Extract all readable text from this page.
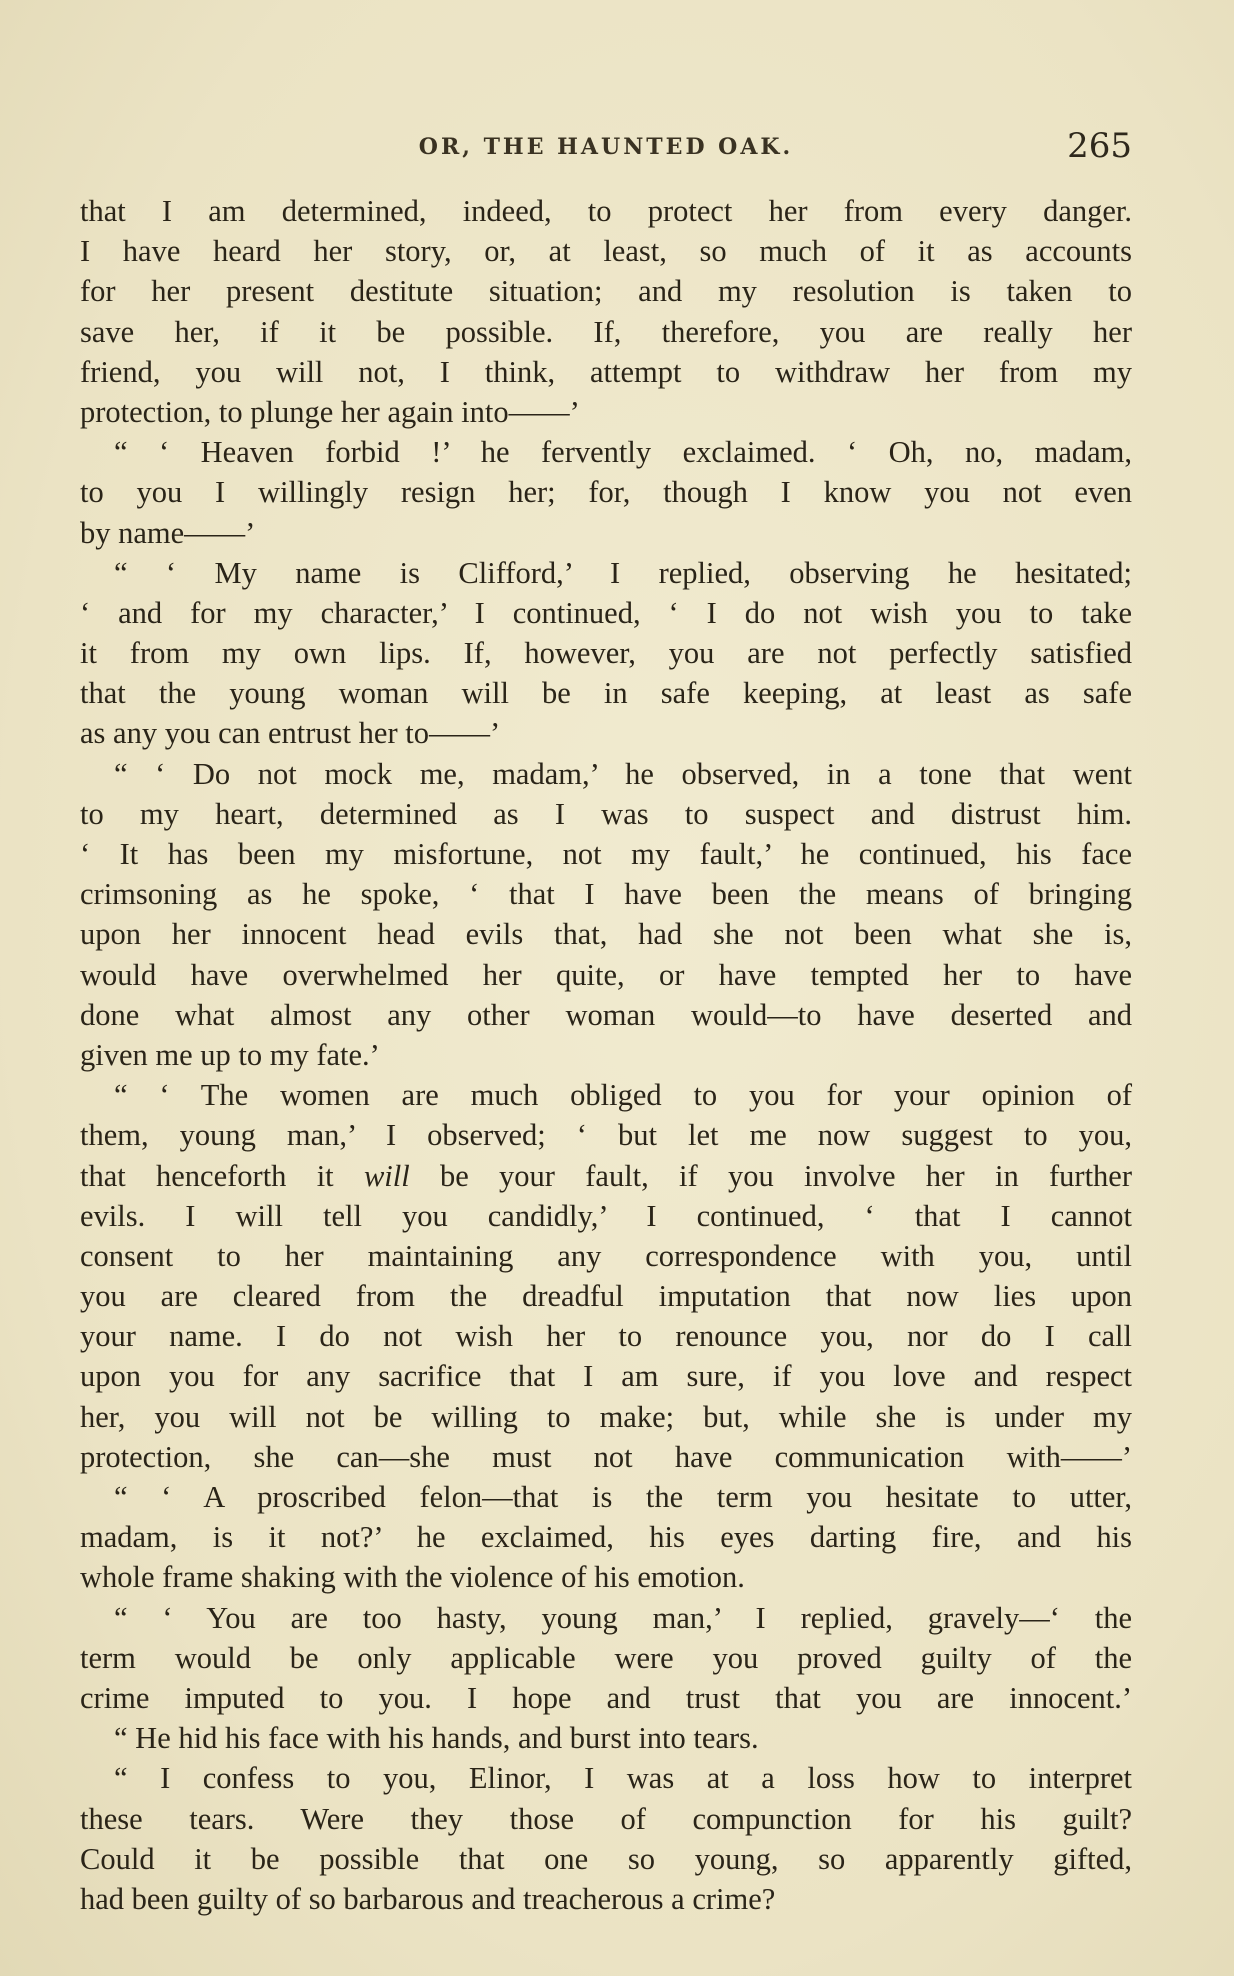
OR, THE HAUNTED OAK.	265
that I am determined, indeed, to protect her from every danger.
I have heard her story, or, at least, so much of it as accounts
for her present destitute situation; and my resolution is taken to
save her, if it be possible. If, therefore, you are really her
friend, you will not, I think, attempt to withdraw her from my
protection, to plunge her again into——’
“ ‘ Heaven forbid !’ he fervently exclaimed. ‘ Oh, no, madam,
to you I willingly resign her; for, though I know you not even
by name——’
“ ‘ My name is Clifford,’ I replied, observing he hesitated;
‘ and for my character,’ I continued, ‘ I do not wish you to take
it from my own lips. If, however, you are not perfectly satisfied
that the young woman will be in safe keeping, at least as safe
as any you can entrust her to——’
“ ‘ Do not mock me, madam,’ he observed, in a tone that went
to my heart, determined as I was to suspect and distrust him.
‘ It has been my misfortune, not my fault,’ he continued, his face
crimsoning as he spoke, ‘ that I have been the means of bringing
upon her innocent head evils that, had she not been what she is,
would have overwhelmed her quite, or have tempted her to have
done what almost any other woman would—to have deserted and
given me up to my fate.’
“ ‘ The women are much obliged to you for your opinion of
them, young man,’ I observed; ‘ but let me now suggest to you,
that henceforth it will be your fault, if you involve her in further
evils. I will tell you candidly,’ I continued, ‘ that I cannot
consent to her maintaining any correspondence with you, until
you are cleared from the dreadful imputation that now lies upon
your name. I do not wish her to renounce you, nor do I call
upon you for any sacrifice that I am sure, if you love and respect
her, you will not be willing to make; but, while she is under my
protection, she can—she must not have communication with——’
“ ‘ A proscribed felon—that is the term you hesitate to utter,
madam, is it not?’ he exclaimed, his eyes darting fire, and his
whole frame shaking with the violence of his emotion.
“ ‘ You are too hasty, young man,’ I replied, gravely—‘ the
term would be only applicable were you proved guilty of the
crime imputed to you. I hope and trust that you are innocent.’
“ He hid his face with his hands, and burst into tears.
“ I confess to you, Elinor, I was at a loss how to interpret
these tears. Were they those of compunction for his guilt?
Could it be possible that one so young, so apparently gifted,
had been guilty of so barbarous and treacherous a crime?
